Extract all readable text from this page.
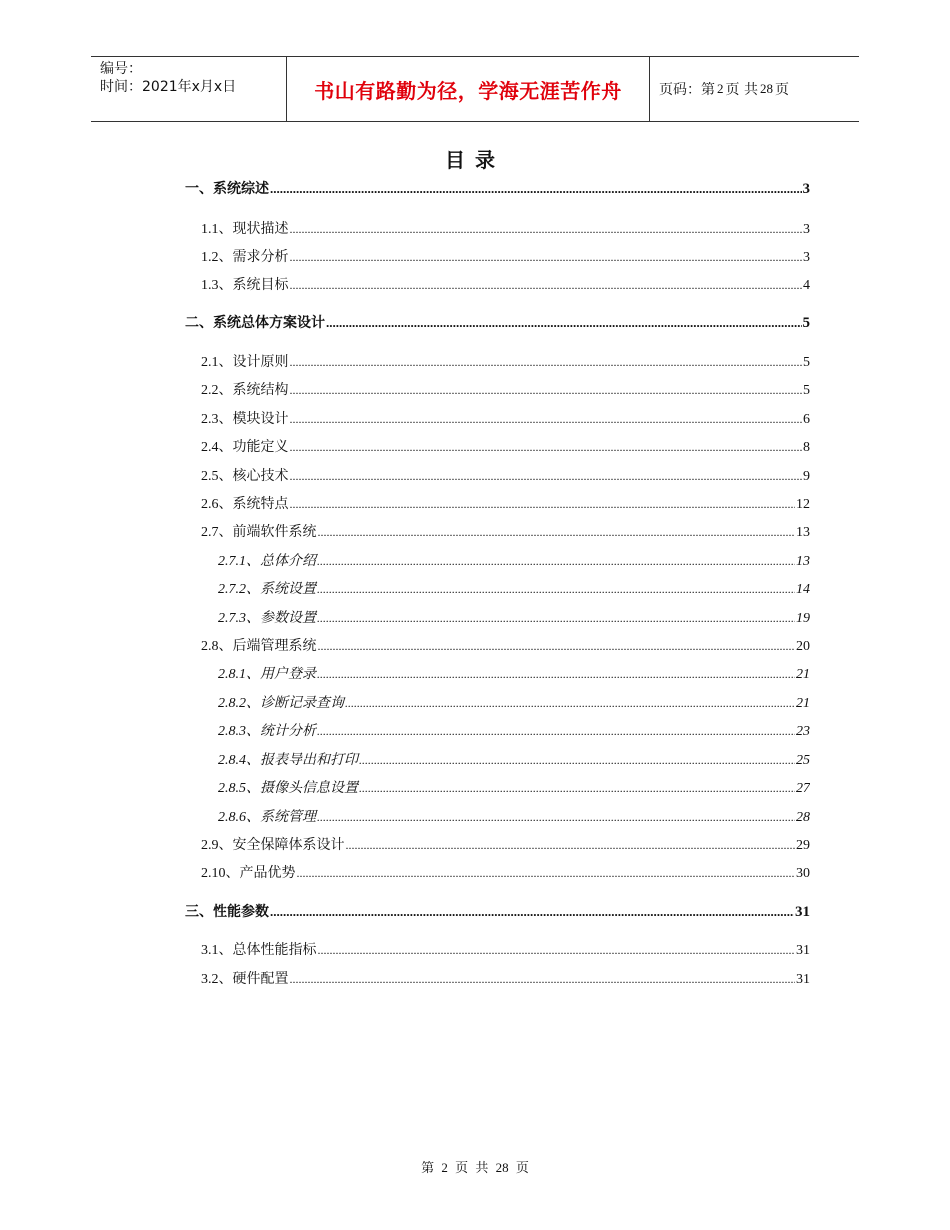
编号：
时间：2021年x月x日	书山有路勤为径，学海无涯苦作舟	页码：第 2 页 共 28 页
目录
一、系统综述 .....	3
1.1、现状描述 .....	3
1.2、需求分析 .....	3
1.3、系统目标 .....	4
二、系统总体方案设计 .....	5
2.1、设计原则 .....	5
2.2、系统结构 .....	5
2.3、模块设计 .....	6
2.4、功能定义 .....	8
2.5、核心技术 .....	9
2.6、系统特点 .....	12
2.7、前端软件系统 .....	13
2.7.1、总体介绍 .....	13
2.7.2、系统设置 .....	14
2.7.3、参数设置 .....	19
2.8、后端管理系统 .....	20
2.8.1、用户登录 .....	21
2.8.2、诊断记录查询 .....	21
2.8.3、统计分析 .....	23
2.8.4、报表导出和打印 .....	25
2.8.5、摄像头信息设置 .....	27
2.8.6、系统管理 .....	28
2.9、安全保障体系设计 .....	29
2.10、产品优势 .....	30
三、性能参数 .....	31
3.1、总体性能指标 .....	31
3.2、硬件配置 .....	31
第 2 页 共 28 页
